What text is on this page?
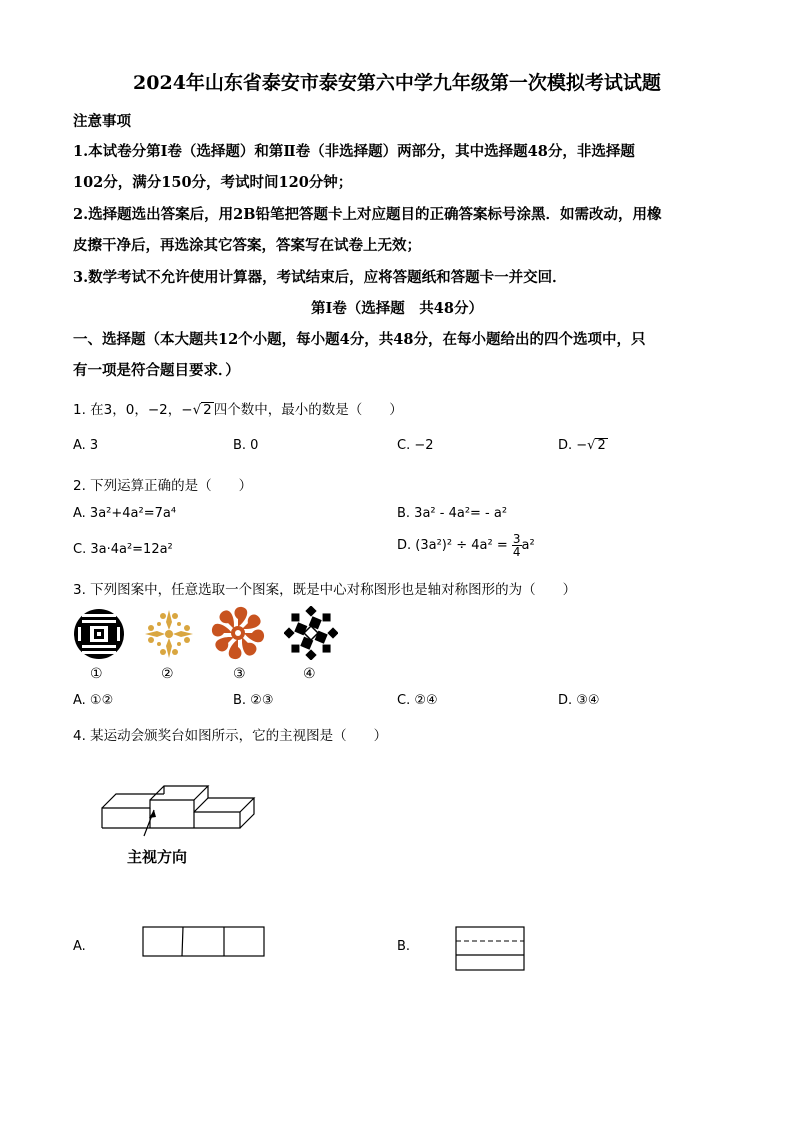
2024年山东省泰安市泰安第六中学九年级第一次模拟考试试题
注意事项
1.本试卷分第Ⅰ卷（选择题）和第Ⅱ卷（非选择题）两部分，其中选择题48分，非选择题
102分，满分150分，考试时间120分钟；
2.选择题选出答案后，用2B铅笔把答题卡上对应题目的正确答案标号涂黑．如需改动，用橡
皮擦干净后，再选涂其它答案，答案写在试卷上无效；
3.数学考试不允许使用计算器，考试结束后，应将答题纸和答题卡一并交回．
第Ⅰ卷（选择题　共48分）
一、选择题（本大题共12个小题，每小题4分，共48分，在每小题给出的四个选项中，只
有一项是符合题目要求．）
1. 在3，0，−2，−√ 2 四个数中，最小的数是（　　）
A. 3	B. 0	C. −2	D. −√ 2
2. 下列运算正确的是（　　）
A. 3a²+4a²=7a⁴	B. 3a² - 4a²= - a²
C. 3a·4a²=12a²	D. $(3a^2)^2 \div 4a^2 = \frac{3}{4} a^2$
3. 下列图案中，任意选取一个图案，既是中心对称图形也是轴对称图形的为（　　）
①	②	③	④
A. ①②	B. ②③	C. ②④	D. ③④
4. 某运动会颁奖台如图所示，它的主视图是（　　）
主视方向
A.	B.
